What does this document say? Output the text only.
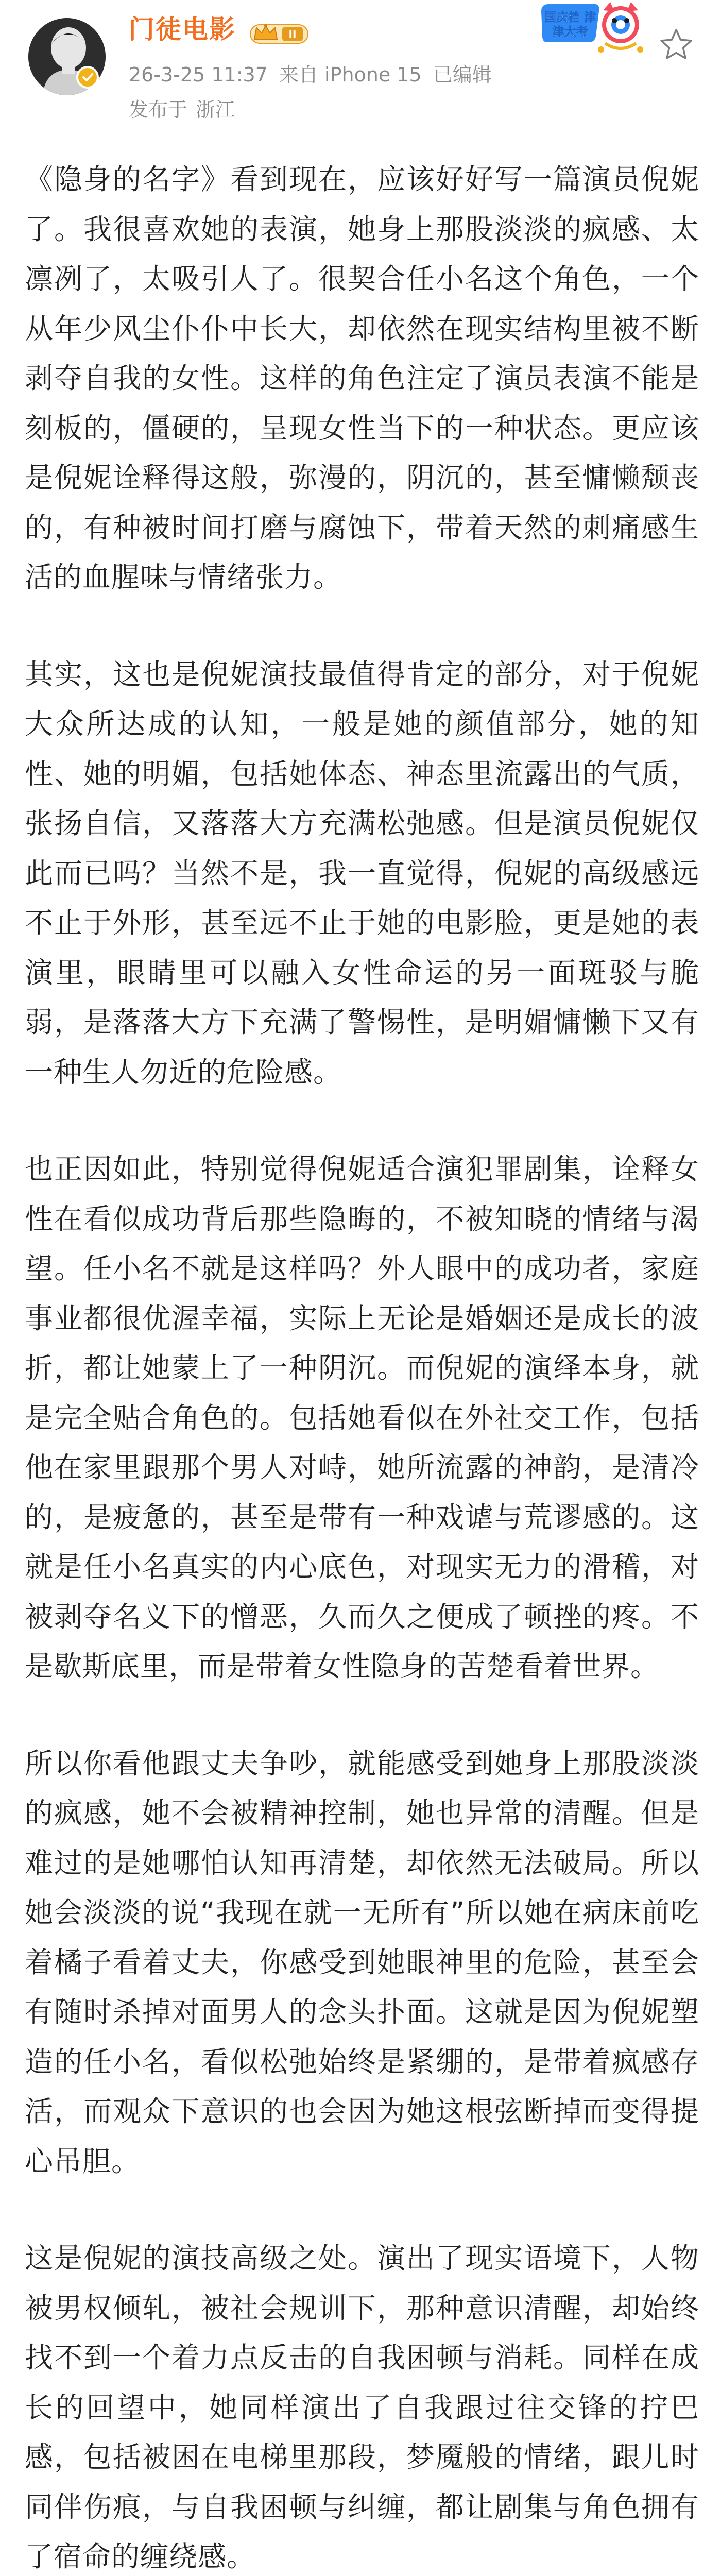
门徒电影	II
26-3-25 11:37 来自 iPhone 15 已编辑
发布于 浙江
国庆档 津津大考

《隐身的名字》看到现在，应该好好写一篇演员倪妮了。我很喜欢她的表演，她身上那股淡淡的疯感、太凛冽了，太吸引人了。很契合任小名这个角色，一个从年少风尘仆仆中长大，却依然在现实结构里被不断剥夺自我的女性。这样的角色注定了演员表演不能是刻板的，僵硬的，呈现女性当下的一种状态。更应该是倪妮诠释得这般，弥漫的，阴沉的，甚至慵懒颓丧的，有种被时间打磨与腐蚀下，带着天然的刺痛感生活的血腥味与情绪张力。

其实，这也是倪妮演技最值得肯定的部分，对于倪妮大众所达成的认知，一般是她的颜值部分，她的知性、她的明媚，包括她体态、神态里流露出的气质，张扬自信，又落落大方充满松弛感。但是演员倪妮仅此而已吗？当然不是，我一直觉得，倪妮的高级感远不止于外形，甚至远不止于她的电影脸，更是她的表演里，眼睛里可以融入女性命运的另一面斑驳与脆弱，是落落大方下充满了警惕性，是明媚慵懒下又有一种生人勿近的危险感。

也正因如此，特别觉得倪妮适合演犯罪剧集，诠释女性在看似成功背后那些隐晦的，不被知晓的情绪与渴望。任小名不就是这样吗？外人眼中的成功者，家庭事业都很优渥幸福，实际上无论是婚姻还是成长的波折，都让她蒙上了一种阴沉。而倪妮的演绎本身，就是完全贴合角色的。包括她看似在外社交工作，包括他在家里跟那个男人对峙，她所流露的神韵，是清冷的，是疲惫的，甚至是带有一种戏谑与荒谬感的。这就是任小名真实的内心底色，对现实无力的滑稽，对被剥夺名义下的憎恶，久而久之便成了顿挫的疼。不是歇斯底里，而是带着女性隐身的苦楚看着世界。

所以你看他跟丈夫争吵，就能感受到她身上那股淡淡的疯感，她不会被精神控制，她也异常的清醒。但是难过的是她哪怕认知再清楚，却依然无法破局。所以她会淡淡的说“我现在就一无所有”所以她在病床前吃着橘子看着丈夫，你感受到她眼神里的危险，甚至会有随时杀掉对面男人的念头扑面。这就是因为倪妮塑造的任小名，看似松弛始终是紧绷的，是带着疯感存活，而观众下意识的也会因为她这根弦断掉而变得提心吊胆。

这是倪妮的演技高级之处。演出了现实语境下，人物被男权倾轧，被社会规训下，那种意识清醒，却始终找不到一个着力点反击的自我困顿与消耗。同样在成长的回望中，她同样演出了自我跟过往交锋的拧巴感，包括被困在电梯里那段，梦魇般的情绪，跟儿时同伴伤痕，与自我困顿与纠缠，都让剧集与角色拥有了宿命的缠绕感。
